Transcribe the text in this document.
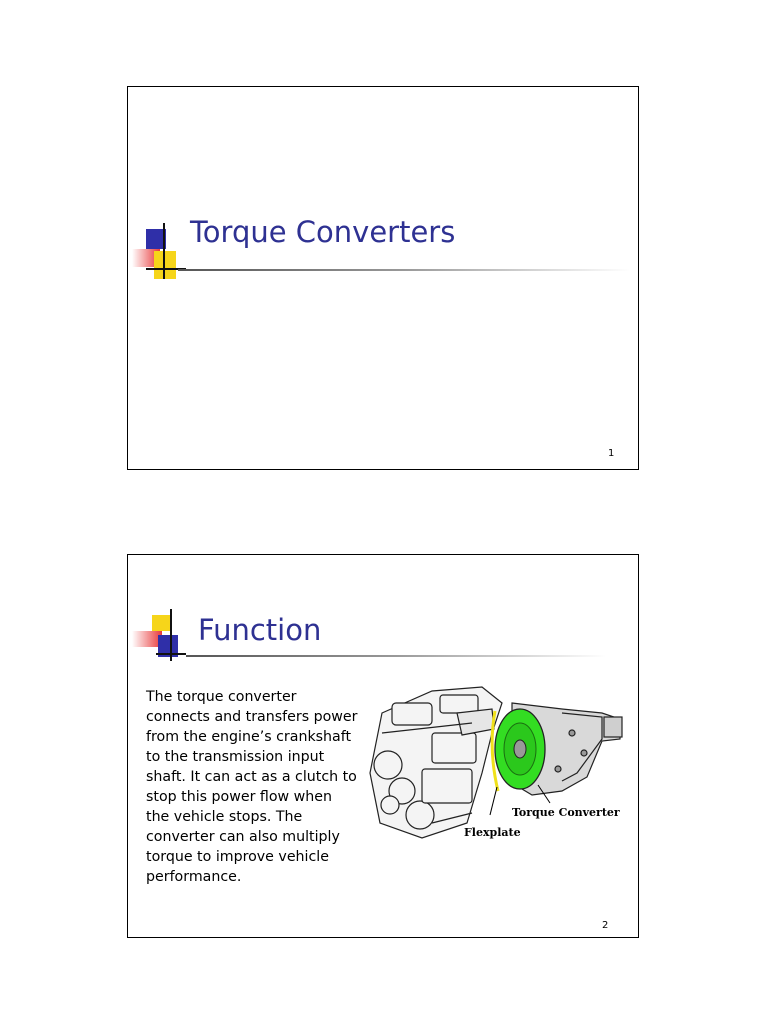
Torque Converters
1
Function
The torque converter connects and transfers power from the engine’s crankshaft to the transmission input shaft. It can act as a clutch to stop this power flow when the vehicle stops. The converter can also multiply torque to improve vehicle performance.
Torque Converter
Flexplate
2
